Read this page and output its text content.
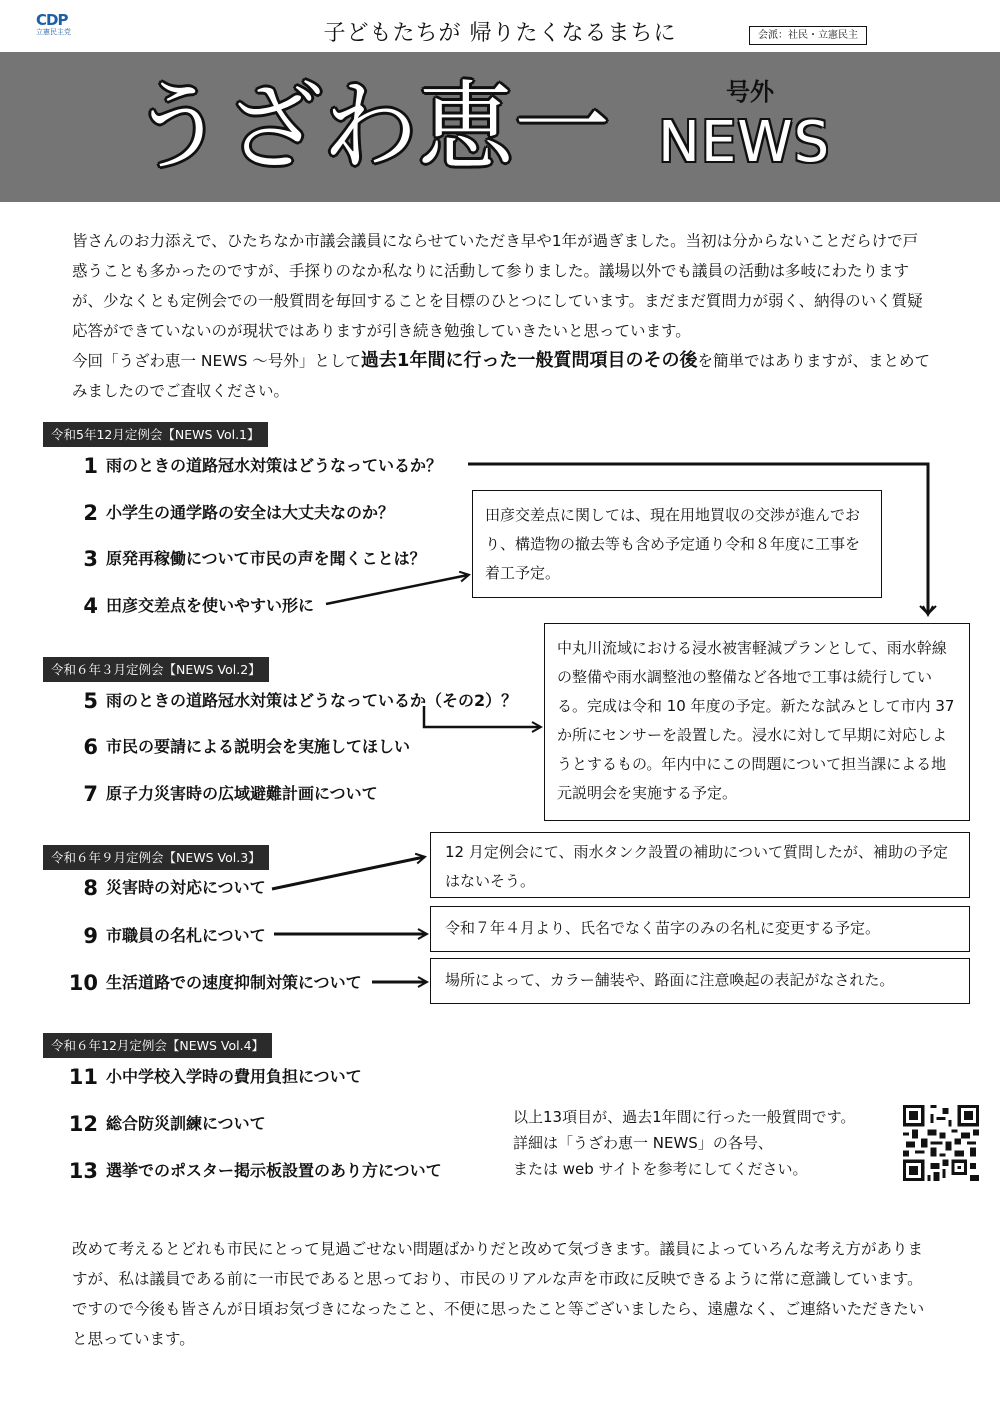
CDP
立憲民主党	子どもたちが 帰りたくなるまちに	会派：社民・立憲民主
うざわ恵一	号外
NEWS

皆さんのお力添えで、ひたちなか市議会議員にならせていただき早や1年が過ぎました。当初は分からないことだらけで戸惑うことも多かったのですが、手探りのなか私なりに活動して参りました。議場以外でも議員の活動は多岐にわたりますが、少なくとも定例会での一般質問を毎回することを目標のひとつにしています。まだまだ質問力が弱く、納得のいく質疑応答ができていないのが現状ではありますが引き続き勉強していきたいと思っています。

今回「うざわ恵一 NEWS ～号外」として過去1年間に行った一般質問項目のその後を簡単ではありますが、まとめてみましたのでご査収ください。

令和5年12月定例会【NEWS Vol.1】
令和６年３月定例会【NEWS Vol.2】
令和６年９月定例会【NEWS Vol.3】
令和６年12月定例会【NEWS Vol.4】
1 雨のときの道路冠水対策はどうなっているか？
2 小学生の通学路の安全は大丈夫なのか？
3 原発再稼働について市民の声を聞くことは？
4 田彦交差点を使いやすい形に
5 雨のときの道路冠水対策はどうなっているか（その2）？
6 市民の要請による説明会を実施してほしい
7 原子力災害時の広域避難計画について
8 災害時の対応について
9 市職員の名札について
10 生活道路での速度抑制対策について
11 小中学校入学時の費用負担について
12 総合防災訓練について
13 選挙でのポスター掲示板設置のあり方について
田彦交差点に関しては、現在用地買収の交渉が進んでおり、構造物の撤去等も含め予定通り令和８年度に工事を着工予定。
中丸川流域における浸水被害軽減プランとして、雨水幹線の整備や雨水調整池の整備など各地で工事は続行している。完成は令和 10 年度の予定。新たな試みとして市内 37 か所にセンサーを設置した。浸水に対して早期に対応しようとするもの。年内中にこの問題について担当課による地元説明会を実施する予定。
12 月定例会にて、雨水タンク設置の補助について質問したが、補助の予定はないそう。
令和７年４月より、氏名でなく苗字のみの名札に変更する予定。
場所によって、カラー舗装や、路面に注意喚起の表記がなされた。
以上13項目が、過去1年間に行った一般質問です。
詳細は「うざわ恵一 NEWS」の各号、
または web サイトを参考にしてください。

改めて考えるとどれも市民にとって見過ごせない問題ばかりだと改めて気づきます。議員によっていろんな考え方がありますが、私は議員である前に一市民であると思っており、市民のリアルな声を市政に反映できるように常に意識しています。ですので今後も皆さんが日頃お気づきになったこと、不便に思ったこと等ございましたら、遠慮なく、ご連絡いただきたいと思っています。
